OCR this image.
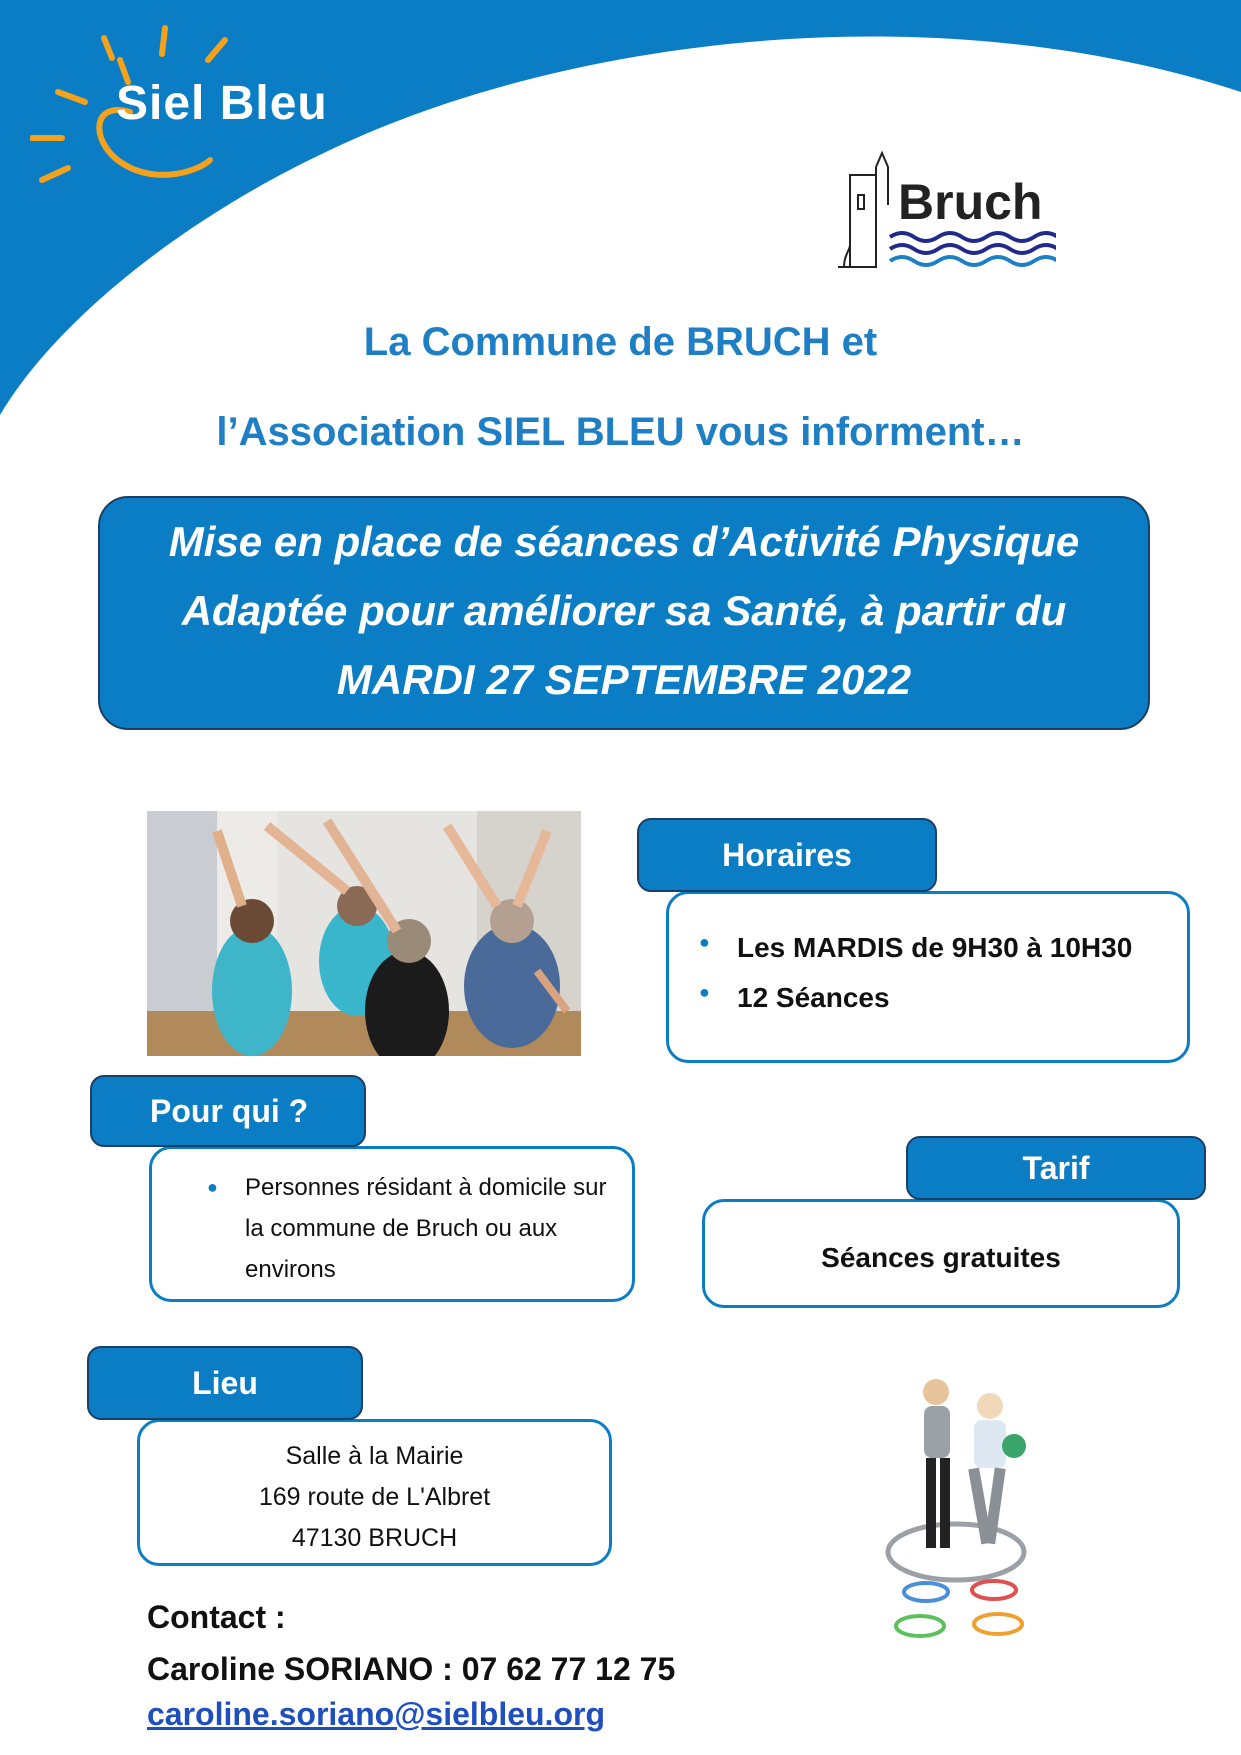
Siel Bleu
Bruch
La Commune de BRUCH et
l’Association SIEL BLEU vous informent…
Mise en place de séances d’Activité Physique
Adaptée pour améliorer sa Santé, à partir du
MARDI 27 SEPTEMBRE 2022
● Les MARDIS de 9H30 à 10H30
● 12 Séances
Horaires
● Personnes résidant à domicile sur la commune de Bruch ou aux environs
Pour qui ?
Séances gratuites
Tarif
Salle à la Mairie
169 route de L'Albret
47130 BRUCH
Lieu
Contact :
Caroline SORIANO : 07 62 77 12 75
caroline.soriano@sielbleu.org
